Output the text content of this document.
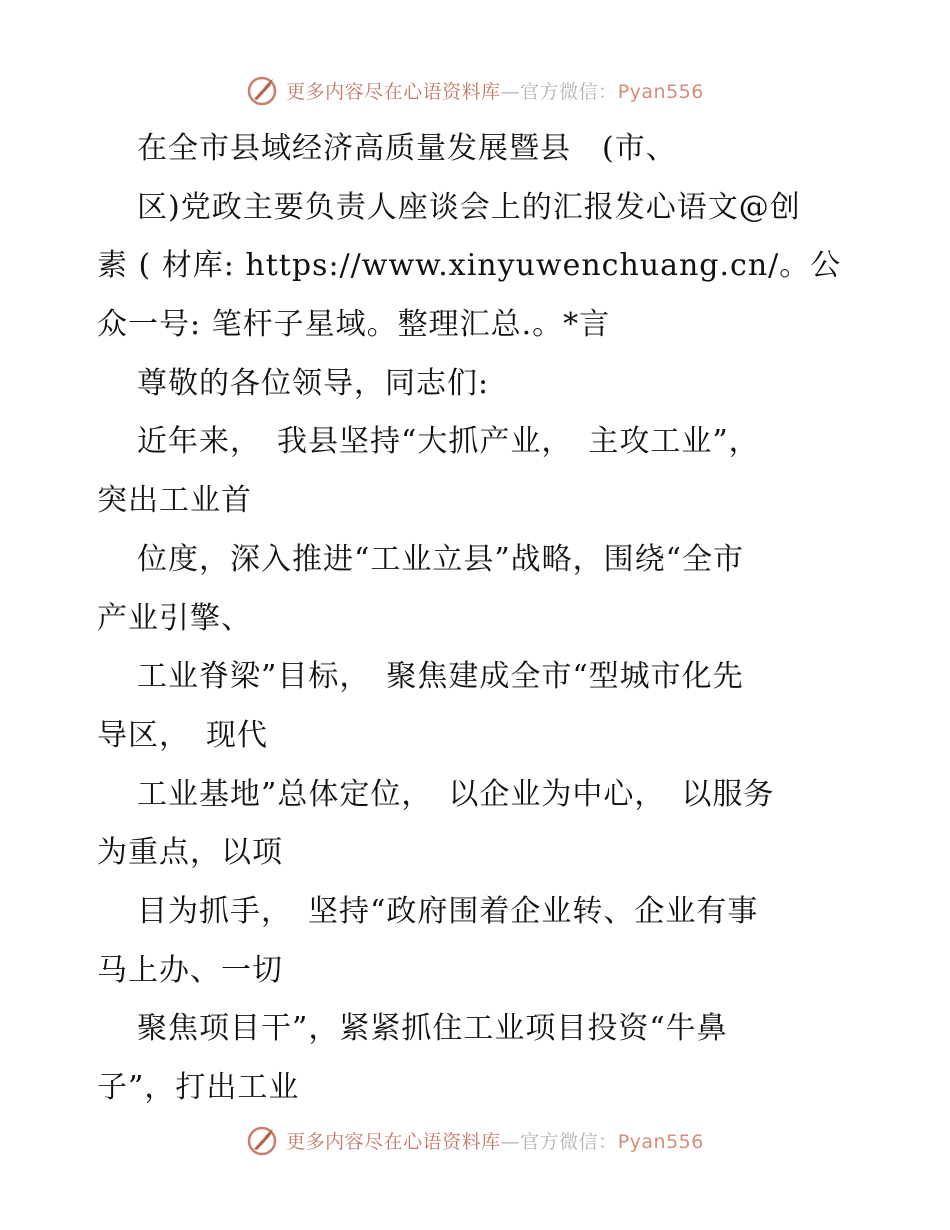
更多内容尽在心语资料库—官方微信：Pyan556
在全市县域经济高质量发展暨县　(市、
区)党政主要负责人座谈会上的汇报发心语文@创
素 ( 材库: https://www.xinyuwenchuang.cn/。公
众一号: 笔杆子星域。整理汇总.。*言
尊敬的各位领导，同志们:
近年来，　我县坚持“大抓产业，　主攻工业”，
突出工业首
位度，深入推进“工业立县”战略，围绕“全市
产业引擎、
工业脊梁”目标，　聚焦建成全市“型城市化先
导区，　现代
工业基地”总体定位，　以企业为中心，　以服务
为重点，以项
目为抓手，　坚持“政府围着企业转、企业有事
马上办、一切
聚焦项目干”，紧紧抓住工业项目投资“牛鼻
子”，打出工业
更多内容尽在心语资料库—官方微信：Pyan556
